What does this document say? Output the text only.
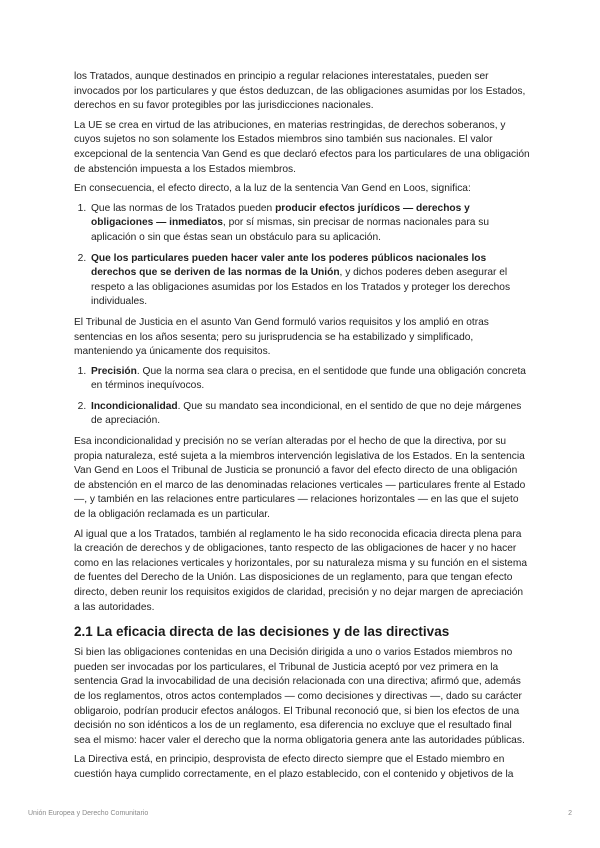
los Tratados, aunque destinados en principio a regular relaciones interestatales, pueden ser invocados por los particulares y que éstos deduzcan, de las obligaciones asumidas por los Estados, derechos en su favor protegibles por las jurisdicciones nacionales.

La UE se crea en virtud de las atribuciones, en materias restringidas, de derechos soberanos, y cuyos sujetos no son solamente los Estados miembros sino también sus nacionales. El valor excepcional de la sentencia Van Gend es que declaró efectos para los particulares de una obligación de abstención impuesta a los Estados miembros.

En consecuencia, el efecto directo, a la luz de la sentencia Van Gend en Loos, significa:

1. Que las normas de los Tratados pueden producir efectos jurídicos — derechos y obligaciones — inmediatos, por sí mismas, sin precisar de normas nacionales para su aplicación o sin que éstas sean un obstáculo para su aplicación.
2. Que los particulares pueden hacer valer ante los poderes públicos nacionales los derechos que se deriven de las normas de la Unión, y dichos poderes deben asegurar el respeto a las obligaciones asumidas por los Estados en los Tratados y proteger los derechos individuales.

El Tribunal de Justicia en el asunto Van Gend formuló varios requisitos y los amplió en otras sentencias en los años sesenta; pero su jurisprudencia se ha estabilizado y simplificado, manteniendo ya únicamente dos requisitos.

1. Precisión. Que la norma sea clara o precisa, en el sentidode que funde una obligación concreta en términos inequívocos.
2. Incondicionalidad. Que su mandato sea incondicional, en el sentido de que no deje márgenes de apreciación.

Esa incondicionalidad y precisión no se verían alteradas por el hecho de que la directiva, por su propia naturaleza, esté sujeta a la miembros intervención legislativa de los Estados. En la sentencia Van Gend en Loos el Tribunal de Justicia se pronunció a favor del efecto directo de una obligación de abstención en el marco de las denominadas relaciones verticales — particulares frente al Estado —, y también en las relaciones entre particulares — relaciones horizontales — en las que el sujeto de la obligación reclamada es un particular.

Al igual que a los Tratados, también al reglamento le ha sido reconocida eficacia directa plena para la creación de derechos y de obligaciones, tanto respecto de las obligaciones de hacer y no hacer como en las relaciones verticales y horizontales, por su naturaleza misma y su función en el sistema de fuentes del Derecho de la Unión. Las disposiciones de un reglamento, para que tengan efecto directo, deben reunir los requisitos exigidos de claridad, precisión y no dejar margen de apreciación a las autoridades.

2.1 La eficacia directa de las decisiones y de las directivas

Si bien las obligaciones contenidas en una Decisión dirigida a uno o varios Estados miembros no pueden ser invocadas por los particulares, el Tribunal de Justicia aceptó por vez primera en la sentencia Grad la invocabilidad de una decisión relacionada con una directiva; afirmó que, además de los reglamentos, otros actos contemplados — como decisiones y directivas —, dado su carácter obligaroio, podrían producir efectos análogos. El Tribunal reconoció que, si bien los efectos de una decisión no son idénticos a los de un reglamento, esa diferencia no excluye que el resultado final sea el mismo: hacer valer el derecho que la norma obligatoria genera ante las autoridades públicas.

La Directiva está, en principio, desprovista de efecto directo siempre que el Estado miembro en cuestión haya cumplido correctamente, en el plazo establecido, con el contenido y objetivos de la

Unión Europea y Derecho Comunitario	2
